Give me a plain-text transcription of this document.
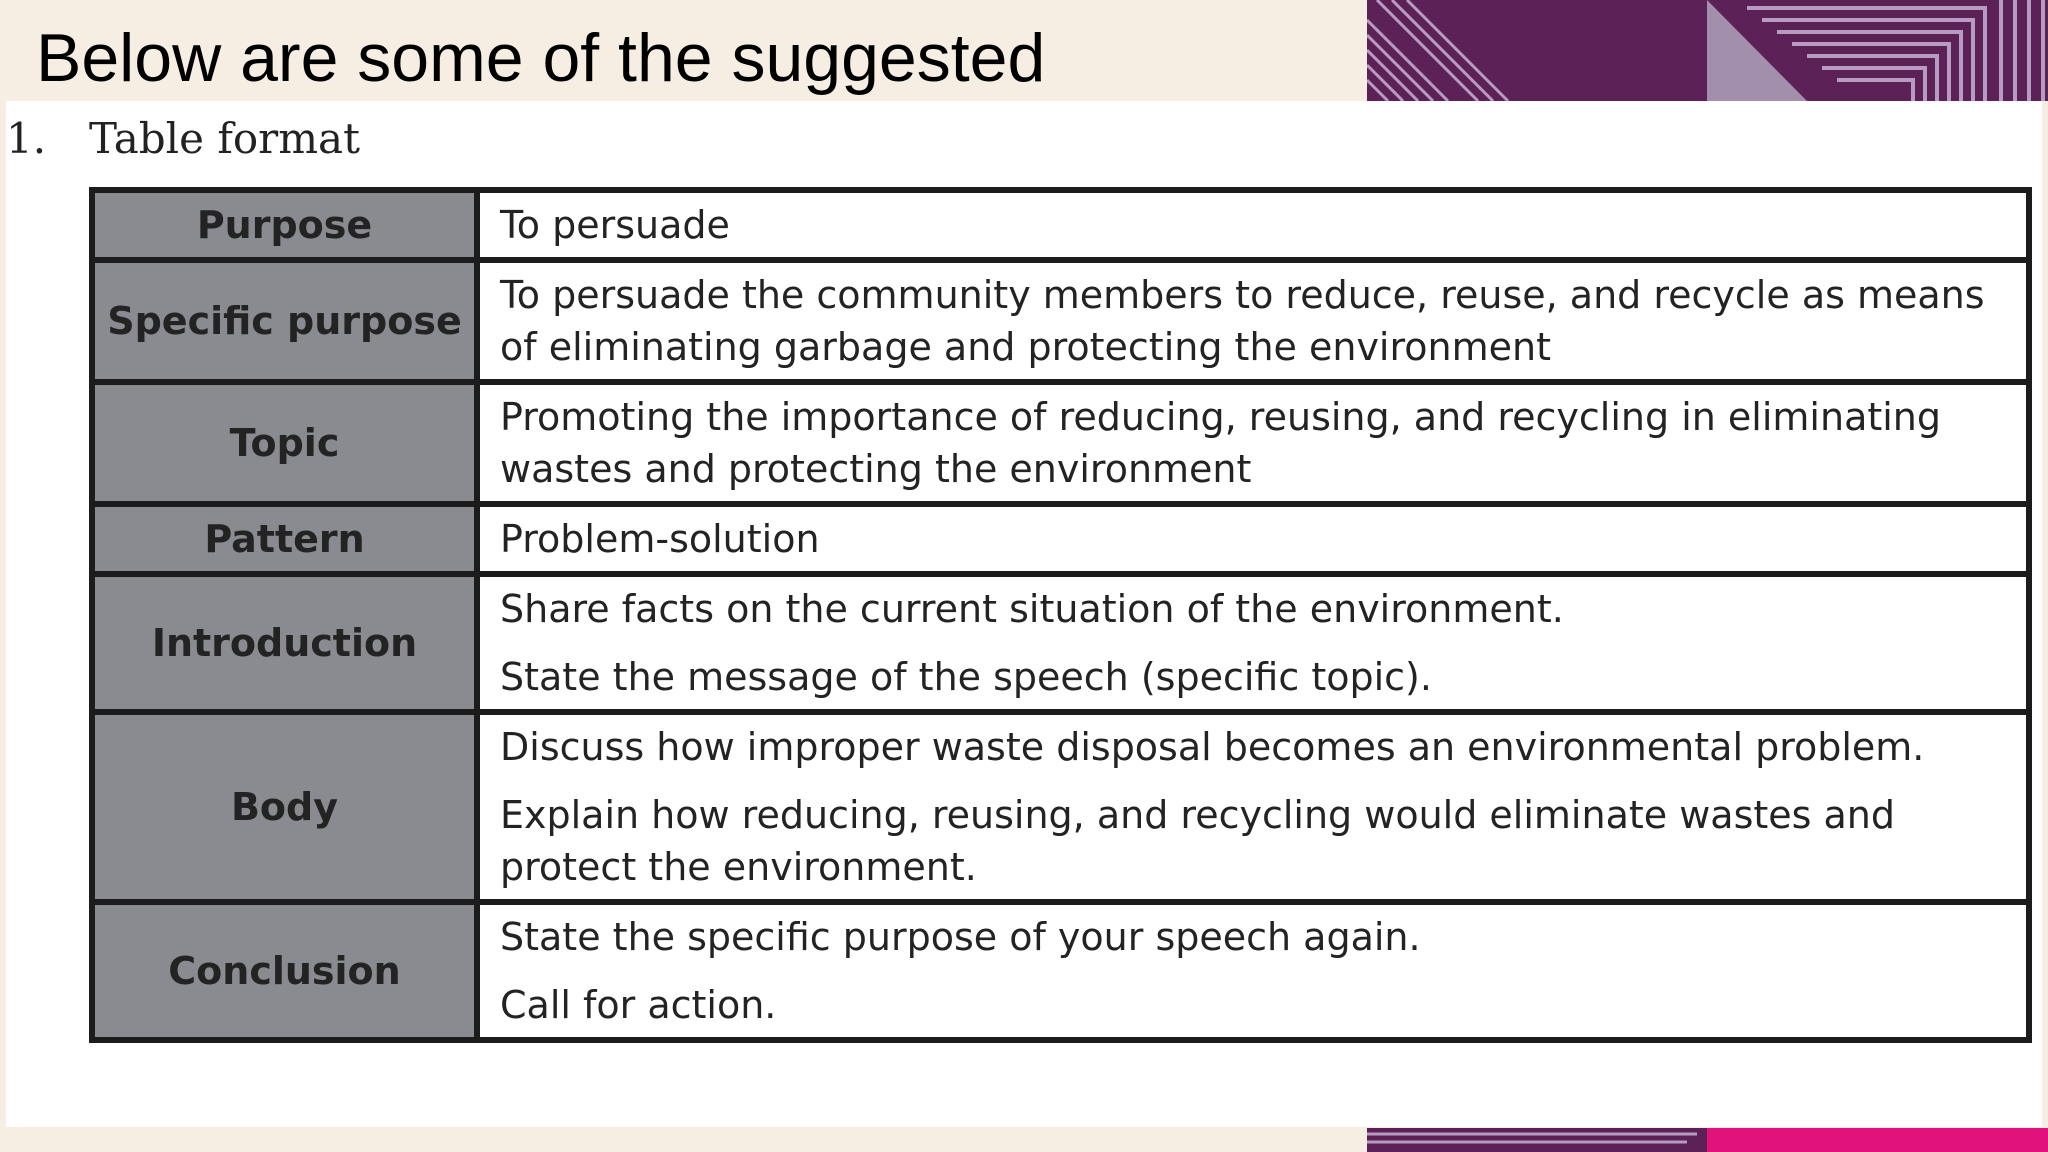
Below are some of the suggested
1. Table format
Purpose	To persuade

Specific purpose	To persuade the community members to reduce, reuse, and recycle as means of eliminating garbage and protecting the environment

Topic	Promoting the importance of reducing, reusing, and recycling in eliminating wastes and protecting the environment

Pattern	Problem-solution

Introduction	Share facts on the current situation of the environment.

State the message of the speech (specific topic).

Body	Discuss how improper waste disposal becomes an environmental problem.

Explain how reducing, reusing, and recycling would eliminate wastes and protect the environment.

Conclusion	State the specific purpose of your speech again.

Call for action.
